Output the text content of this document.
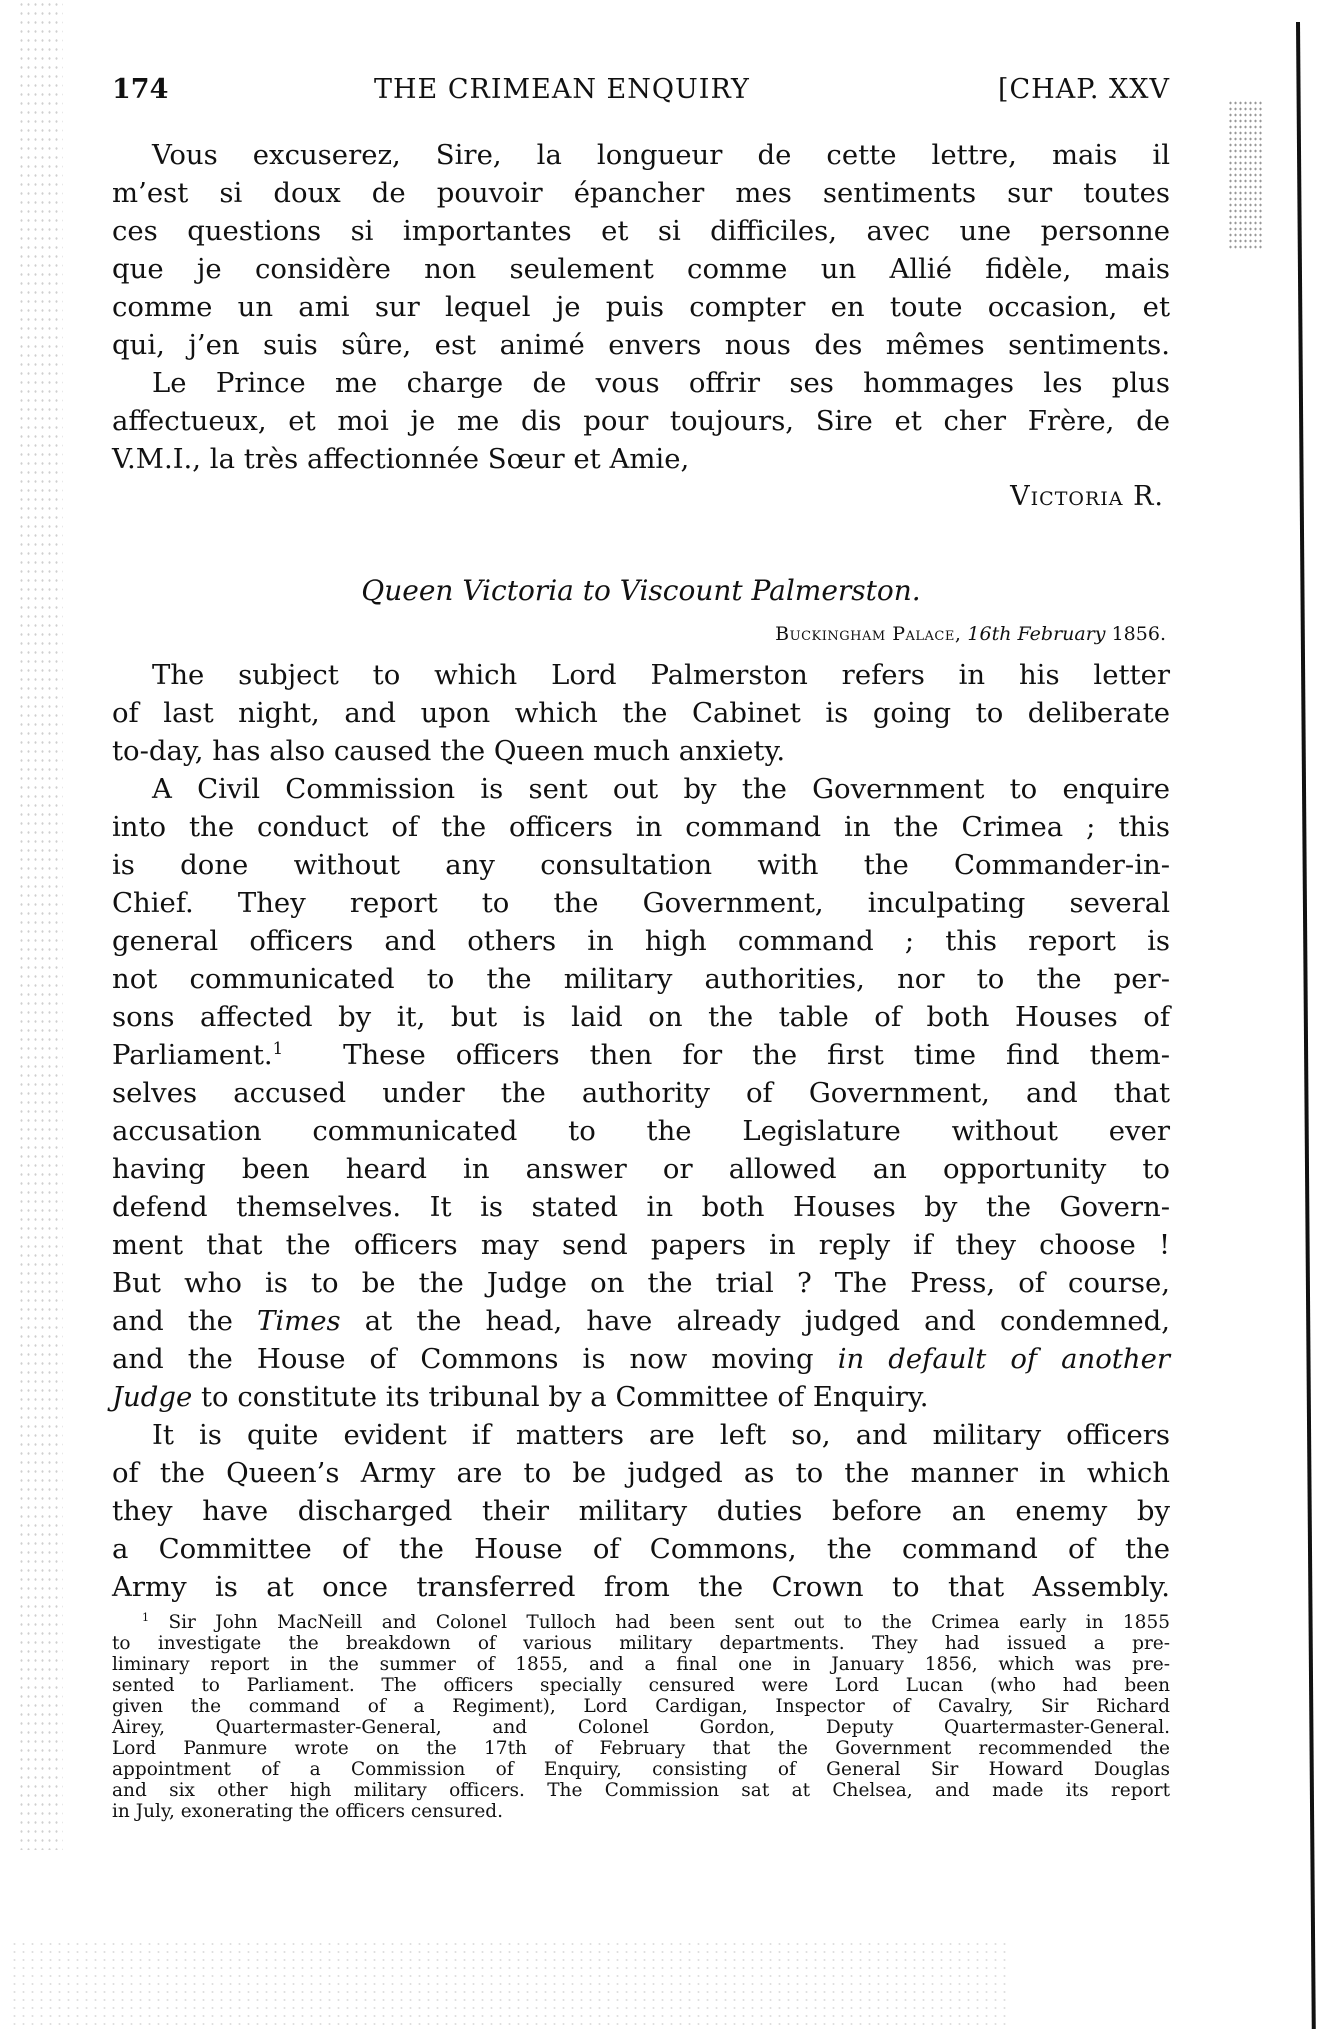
174	THE CRIMEAN ENQUIRY	[CHAP. XXV
Vous excuserez, Sire, la longueur de cette lettre, mais il
m’est si doux de pouvoir épancher mes sentiments sur toutes
ces questions si importantes et si difficiles, avec une personne
que je considère non seulement comme un Allié fidèle, mais
comme un ami sur lequel je puis compter en toute occasion, et
qui, j’en suis sûre, est animé envers nous des mêmes sentiments.
Le Prince me charge de vous offrir ses hommages les plus
affectueux, et moi je me dis pour toujours, Sire et cher Frère, de
V.M.I., la très affectionnée Sœur et Amie,
Victoria R.
Queen Victoria to Viscount Palmerston.
Buckingham Palace, 16th February 1856.
The subject to which Lord Palmerston refers in his letter
of last night, and upon which the Cabinet is going to deliberate
to-day, has also caused the Queen much anxiety.
A Civil Commission is sent out by the Government to enquire
into the conduct of the officers in command in the Crimea ; this
is done without any consultation with the Commander-in-
Chief. They report to the Government, inculpating several
general officers and others in high command ; this report is
not communicated to the military authorities, nor to the per-
sons affected by it, but is laid on the table of both Houses of
Parliament.$^1$ These officers then for the first time find them-
selves accused under the authority of Government, and that
accusation communicated to the Legislature without ever
having been heard in answer or allowed an opportunity to
defend themselves. It is stated in both Houses by the Govern-
ment that the officers may send papers in reply if they choose !
But who is to be the Judge on the trial ? The Press, of course,
and the Times at the head, have already judged and condemned,
and the House of Commons is now moving in default of another
Judge to constitute its tribunal by a Committee of Enquiry.
It is quite evident if matters are left so, and military officers
of the Queen’s Army are to be judged as to the manner in which
they have discharged their military duties before an enemy by
a Committee of the House of Commons, the command of the
Army is at once transferred from the Crown to that Assembly.
$^1$ Sir John MacNeill and Colonel Tulloch had been sent out to the Crimea early in 1855
to investigate the breakdown of various military departments. They had issued a pre-
liminary report in the summer of 1855, and a final one in January 1856, which was pre-
sented to Parliament. The officers specially censured were Lord Lucan (who had been
given the command of a Regiment), Lord Cardigan, Inspector of Cavalry, Sir Richard
Airey, Quartermaster-General, and Colonel Gordon, Deputy Quartermaster-General.
Lord Panmure wrote on the 17th of February that the Government recommended the
appointment of a Commission of Enquiry, consisting of General Sir Howard Douglas
and six other high military officers. The Commission sat at Chelsea, and made its report
in July, exonerating the officers censured.
